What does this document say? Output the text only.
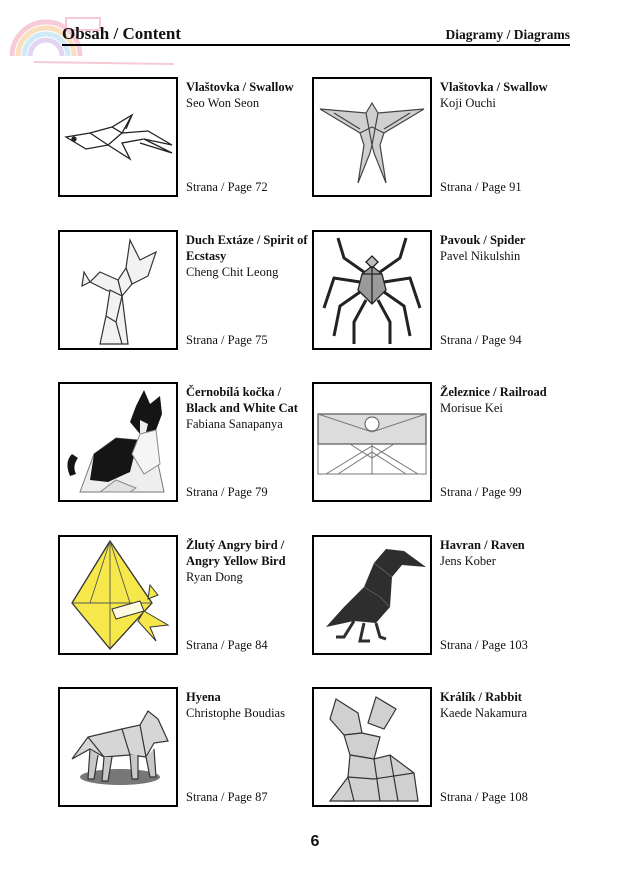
Obsah / Content	Diagramy / Diagrams
Vlaštovka / Swallow
Seo Won Seon
Strana / Page 72
Vlaštovka / Swallow
Koji Ouchi
Strana / Page 91
Duch Extáze / Spirit of Ecstasy
Cheng Chit Leong
Strana / Page 75
Pavouk / Spider
Pavel Nikulshin
Strana / Page 94
Černobílá kočka / Black and White Cat
Fabiana Sanapanya
Strana / Page 79
Železnice / Railroad
Morisue Kei
Strana / Page 99
Žlutý Angry bird / Angry Yellow Bird
Ryan Dong
Strana / Page 84
Havran / Raven
Jens Kober
Strana / Page 103
Hyena
Christophe Boudias
Strana / Page 87
Králík / Rabbit
Kaede Nakamura
Strana / Page 108
6
